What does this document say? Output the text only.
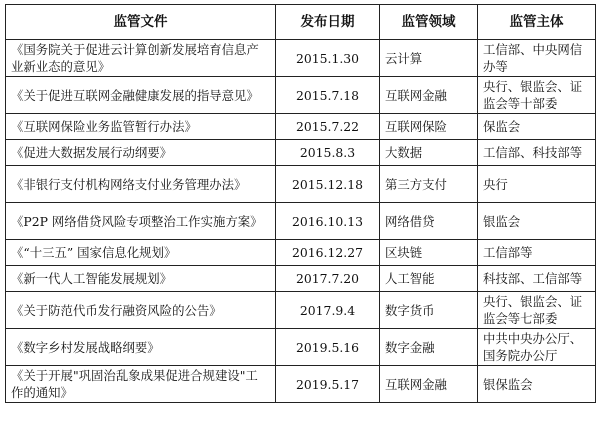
监管文件	发布日期	监管领域	监管主体
《国务院关于促进云计算创新发展培育信息产业新业态的意见》	2015.1.30	云计算	工信部、中央网信办等
《关于促进互联网金融健康发展的指导意见》	2015.7.18	互联网金融	央行、银监会、证监会等十部委
《互联网保险业务监管暂行办法》	2015.7.22	互联网保险	保监会
《促进大数据发展行动纲要》	2015.8.3	大数据	工信部、科技部等
《非银行支付机构网络支付业务管理办法》	2015.12.18	第三方支付	央行
《P2P 网络借贷风险专项整治工作实施方案》	2016.10.13	网络借贷	银监会
《“十三五” 国家信息化规划》	2016.12.27	区块链	工信部等
《新一代人工智能发展规划》	2017.7.20	人工智能	科技部、工信部等
《关于防范代币发行融资风险的公告》	2017.9.4	数字货币	央行、银监会、证监会等七部委
《数字乡村发展战略纲要》	2019.5.16	数字金融	中共中央办公厅、国务院办公厅
《关于开展"巩固治乱象成果促进合规建设"工作的通知》	2019.5.17	互联网金融	银保监会
